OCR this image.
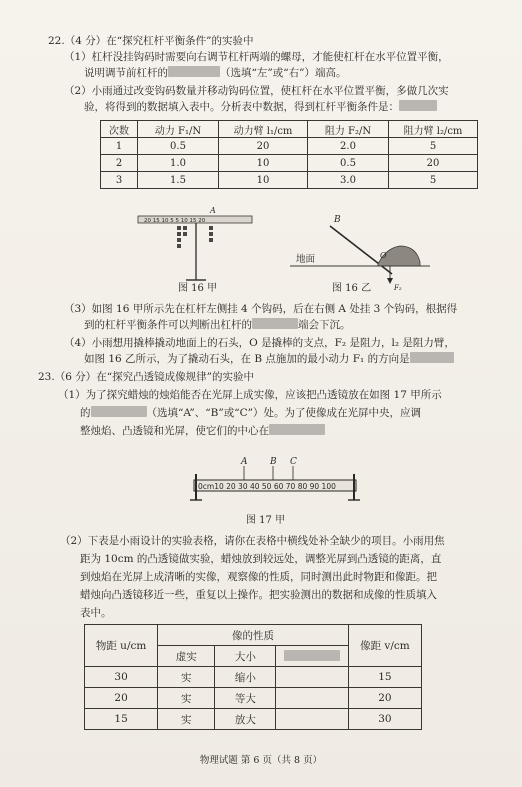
22.（4 分）在“探究杠杆平衡条件”的实验中
（1）杠杆没挂钩码时需要向右调节杠杆两端的螺母，才能使杠杆在水平位置平衡，
说明调节前杠杆的	（选填“左”或“右”）端高。
（2）小雨通过改变钩码数量并移动钩码位置，使杠杆在水平位置平衡，多做几次实
验，将得到的数据填入表中。分析表中数据，得到杠杆平衡条件是：
次数	动力 F₁/N	动力臂 l₁/cm	阻力 F₂/N	阻力臂 l₂/cm
1	0.5	20	2.0	5
2	1.0	10	0.5	20
3	1.5	10	3.0	5
20 15 10 5 5 10 15 20
A
图 16 甲
B
O
地面
F₂
图 16 乙
（3）如图 16 甲所示先在杠杆左侧挂 4 个钩码，后在右侧 A 处挂 3 个钩码，根据得
到的杠杆平衡条件可以判断出杠杆的	端会下沉。
（4）小雨想用撬棒撬动地面上的石头，O 是撬棒的支点，F₂ 是阻力，l₂ 是阻力臂，
如图 16 乙所示，为了撬动石头，在 B 点施加的最小动力 F₁ 的方向是
23.（6 分）在“探究凸透镜成像规律”的实验中
（1）为了探究蜡烛的烛焰能否在光屏上成实像，应该把凸透镜放在如图 17 甲所示
的	（选填“A”、“B”或“C”）处。为了使像成在光屏中央，应调
整烛焰、凸透镜和光屏，使它们的中心在
A	B C
0cm10 20 30 40 50 60 70 80 90 100
图 17 甲
（2）下表是小雨设计的实验表格，请你在表格中横线处补全缺少的项目。小雨用焦
距为 10cm 的凸透镜做实验，蜡烛放到较远处，调整光屏到凸透镜的距离，直
到烛焰在光屏上成清晰的实像，观察像的性质，同时测出此时物距和像距。把
蜡烛向凸透镜移近一些，重复以上操作。把实验测出的数据和成像的性质填入
表中。
物距 u/cm	像的性质			像距 v/cm
	虚实	大小		
30	实	缩小		15
20	实	等大		20
15	实	放大		30
物理试题 第 6 页（共 8 页）
